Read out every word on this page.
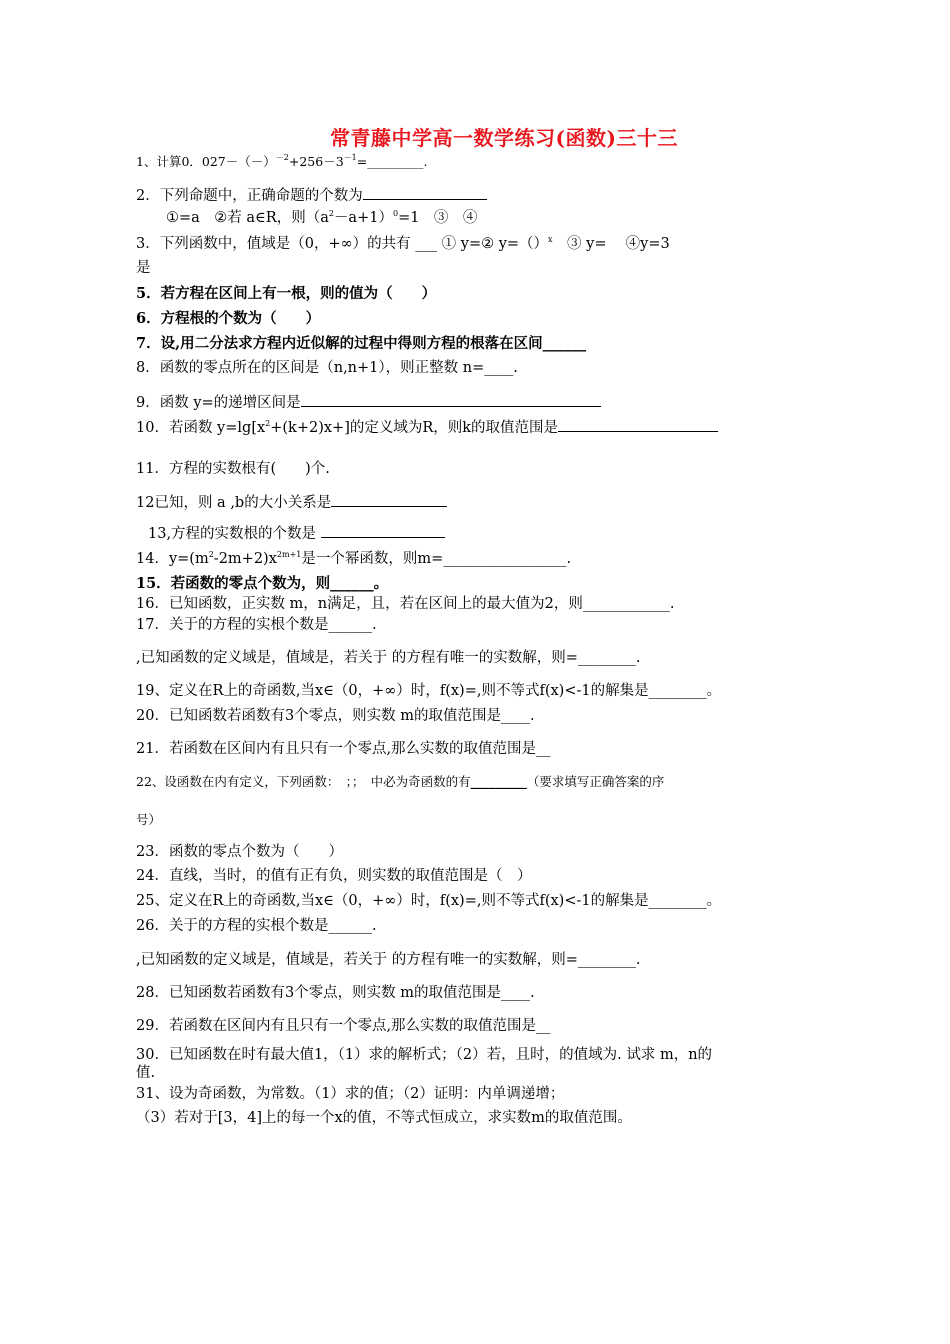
常青藤中学高一数学练习(函数)三十三
1、计算0．$027-(-)^{-2}+256-3^{-1}=\_\_\_\_\_\_\_\_\_$.
2．下列命题中，正确命题的个数为
①=a　②若 a∈R，则$(a^2-a+1)^0=1$　③　④
3．下列函数中，值域是（0，+∞）的共有 ___ ① y=② y=（）$^x$　③ y=　 ④y=3
是
5．若方程在区间上有一根，则的值为（　　）
6．方程根的个数为（　　）
7．设,用二分法求方程内近似解的过程中得则方程的根落在区间______
8．函数的零点所在的区间是（n,n+1），则正整数 n=____.
9．函数 y=的递增区间是
10．若函数 $y=\lg[x^2+(k+2)x+]$的定义域为R，则k的取值范围是
11．方程的实数根有(　　)个.
12已知，则 a ,b的大小关系是
13,方程的实数根的个数是
14．$y=(m^2-2m+2)x^{2m+1}$是一个幂函数，则m=_________________.
15．若函数的零点个数为，则______。
16．已知函数，正实数 m，n满足，且，若在区间上的最大值为2，则____________.
17．关于的方程的实根个数是______.
,已知函数的定义域是，值域是，若关于 的方程有唯一的实数解，则=________.
19、定义在R上的奇函数,当x∈（0，+∞）时，f(x)=,则不等式f(x)<-1的解集是________。
20．已知函数若函数有3个零点，则实数 m的取值范围是____.
21．若函数在区间内有且只有一个零点,那么实数的取值范围是__
22、设函数在内有定义，下列函数：　；；　中必为奇函数的有_________（要求填写正确答案的序
号）
23．函数的零点个数为（　　）
24．直线，当时，的值有正有负，则实数的取值范围是（　）
25、定义在R上的奇函数,当x∈（0，+∞）时，f(x)=,则不等式f(x)<-1的解集是________。
26．关于的方程的实根个数是______.
,已知函数的定义域是，值域是，若关于 的方程有唯一的实数解，则=________.
28．已知函数若函数有3个零点，则实数 m的取值范围是____.
29．若函数在区间内有且只有一个零点,那么实数的取值范围是__
30．已知函数在时有最大值1，（1）求的解析式；（2）若，且时，的值域为. 试求 m，n的
值.
31、设为奇函数，为常数。（1）求的值；（2）证明：内单调递增；
（3）若对于[3，4]上的每一个x的值，不等式恒成立，求实数m的取值范围。
